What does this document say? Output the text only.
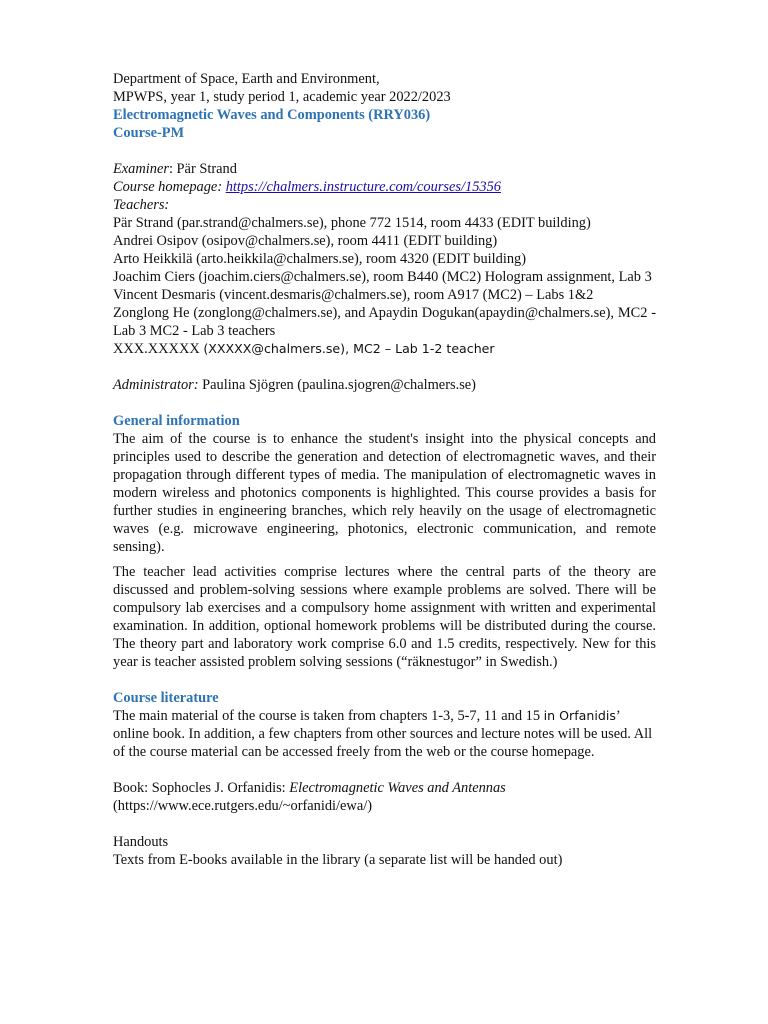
Department of Space, Earth and Environment,
MPWPS, year 1, study period 1, academic year 2022/2023
Electromagnetic Waves and Components (RRY036)
Course-PM

Examiner: Pär Strand

Course homepage: https://chalmers.instructure.com/courses/15356

Teachers:

Pär Strand (par.strand@chalmers.se), phone 772 1514, room 4433 (EDIT building)

Andrei Osipov (osipov@chalmers.se), room 4411 (EDIT building)

Arto Heikkilä (arto.heikkila@chalmers.se), room 4320 (EDIT building)

Joachim Ciers (joachim.ciers@chalmers.se), room B440 (MC2) Hologram assignment, Lab 3

Vincent Desmaris (vincent.desmaris@chalmers.se), room A917 (MC2) – Labs 1&2

Zonglong He (zonglong@chalmers.se), and Apaydin Dogukan(apaydin@chalmers.se), MC2 - Lab 3 MC2 - Lab 3 teachers

XXX.XXXXX (XXXXX@chalmers.se), MC2 – Lab 1-2 teacher

Administrator: Paulina Sjögren (paulina.sjogren@chalmers.se)

General information

The aim of the course is to enhance the student's insight into the physical concepts and principles used to describe the generation and detection of electromagnetic waves, and their propagation through different types of media. The manipulation of electromagnetic waves in modern wireless and photonics components is highlighted. This course provides a basis for further studies in engineering branches, which rely heavily on the usage of electromagnetic waves (e.g. microwave engineering, photonics, electronic communication, and remote sensing).

The teacher lead activities comprise lectures where the central parts of the theory are discussed and problem-solving sessions where example problems are solved. There will be compulsory lab exercises and a compulsory home assignment with written and experimental examination. In addition, optional homework problems will be distributed during the course. The theory part and laboratory work comprise 6.0 and 1.5 credits, respectively. New for this year is teacher assisted problem solving sessions (“räknestugor” in Swedish.)

Course literature

The main material of the course is taken from chapters 1-3, 5-7, 11 and 15 in Orfanidis’ online book. In addition, a few chapters from other sources and lecture notes will be used. All of the course material can be accessed freely from the web or the course homepage.

Book: Sophocles J. Orfanidis: Electromagnetic Waves and Antennas

(https://www.ece.rutgers.edu/~orfanidi/ewa/)

Handouts

Texts from E-books available in the library (a separate list will be handed out)
